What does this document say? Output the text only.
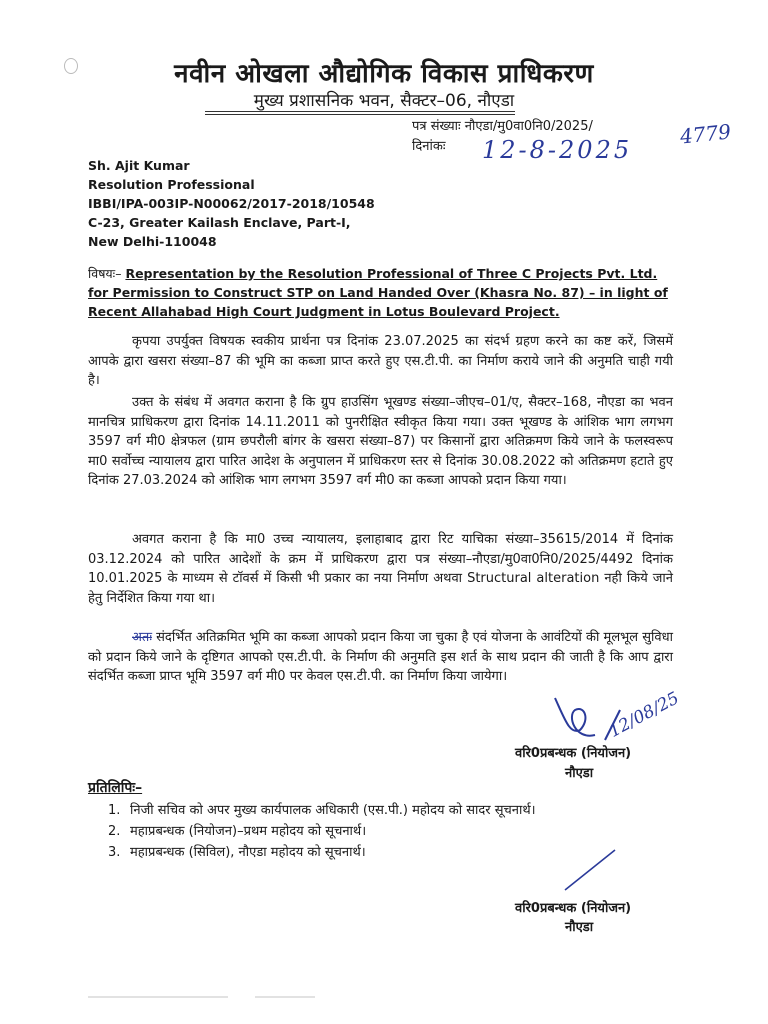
नवीन ओखला औद्योगिक विकास प्राधिकरण
मुख्य प्रशासनिक भवन, सैक्टर–06, नौएडा
पत्र संख्याः नौएडा/मु0वा0नि0/2025/	4779
दिनांकः 12-8-2025
Sh. Ajit Kumar
Resolution Professional
IBBI/IPA-003IP-N00062/2017-2018/10548
C-23, Greater Kailash Enclave, Part-I,
New Delhi-110048
विषयः– Representation by the Resolution Professional of Three C Projects Pvt. Ltd. for Permission to Construct STP on Land Handed Over (Khasra No. 87) – in light of Recent Allahabad High Court Judgment in Lotus Boulevard Project.
कृपया उपर्युक्त विषयक स्वकीय प्रार्थना पत्र दिनांक 23.07.2025 का संदर्भ ग्रहण करने का कष्ट करें, जिसमें आपके द्वारा खसरा संख्या–87 की भूमि का कब्जा प्राप्त करते हुए एस.टी.पी. का निर्माण कराये जाने की अनुमति चाही गयी है।
उक्त के संबंध में अवगत कराना है कि ग्रुप हाउसिंग भूखण्ड संख्या–जीएच–01/ए, सैक्टर–168, नौएडा का भवन मानचित्र प्राधिकरण द्वारा दिनांक 14.11.2011 को पुनरीक्षित स्वीकृत किया गया। उक्त भूखण्ड के आंशिक भाग लगभग 3597 वर्ग मी0 क्षेत्रफल (ग्राम छपरौली बांगर के खसरा संख्या–87) पर किसानों द्वारा अतिक्रमण किये जाने के फलस्वरूप मा0 सर्वोच्च न्यायालय द्वारा पारित आदेश के अनुपालन में प्राधिकरण स्तर से दिनांक 30.08.2022 को अतिक्रमण हटाते हुए दिनांक 27.03.2024 को आंशिक भाग लगभग 3597 वर्ग मी0 का कब्जा आपको प्रदान किया गया।
अवगत कराना है कि मा0 उच्च न्यायालय, इलाहाबाद द्वारा रिट याचिका संख्या–35615/2014 में दिनांक 03.12.2024 को पारित आदेशों के क्रम में प्राधिकरण द्वारा पत्र संख्या–नौएडा/मु0वा0नि0/2025/4492 दिनांक 10.01.2025 के माध्यम से टॉवर्स में किसी भी प्रकार का नया निर्माण अथवा Structural alteration नही किये जाने हेतु निर्देशित किया गया था।
अतः संदर्भित अतिक्रमित भूमि का कब्जा आपको प्रदान किया जा चुका है एवं योजना के आवंटियों की मूलभूल सुविधा को प्रदान किये जाने के दृष्टिगत आपको एस.टी.पी. के निर्माण की अनुमति इस शर्त के साथ प्रदान की जाती है कि आप द्वारा संदर्भित कब्जा प्राप्त भूमि 3597 वर्ग मी0 पर केवल एस.टी.पी. का निर्माण किया जायेगा।
12/08/25
वरि0प्रबन्धक (नियोजन)
नौएडा
प्रतिलिपिः–
1. निजी सचिव को अपर मुख्य कार्यपालक अधिकारी (एस.पी.) महोदय को सादर सूचनार्थ।
2. महाप्रबन्धक (नियोजन)–प्रथम महोदय को सूचनार्थ।
3. महाप्रबन्धक (सिविल), नौएडा महोदय को सूचनार्थ।
वरि0प्रबन्धक (नियोजन)
नौएडा
